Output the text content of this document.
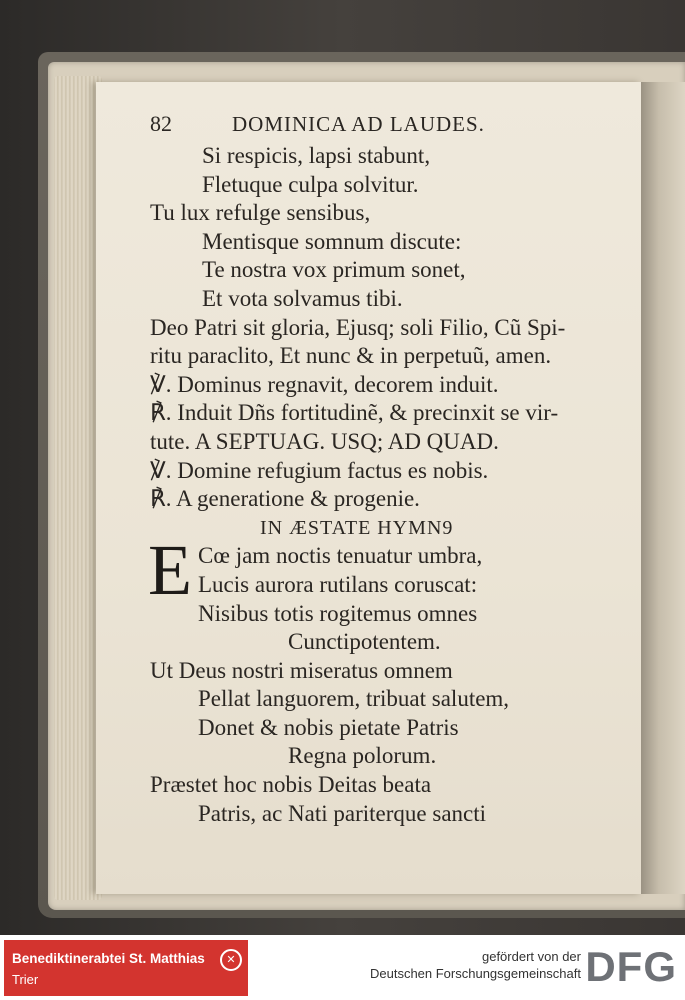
82	DOMINICA AD LAUDES.
Si respicis, lapsi stabunt,
Fletuque culpa solvitur.
Tu lux refulge sensibus,
Mentisque somnum discute:
Te nostra vox primum sonet,
Et vota solvamus tibi.
Deo Patri sit gloria, Ejusq; soli Filio, Cũ Spi-
ritu paraclito, Et nunc & in perpetuũ, amen.
℣. Dominus regnavit, decorem induit.
℟. Induit Dñs fortitudinẽ, & precinxit se vir-
tute. A SEPTUAG. USQ; AD QUAD.
℣. Domine refugium factus es nobis.
℟. A generatione & progenie.
IN ÆSTATE HYMN9
E Cœ jam noctis tenuatur umbra,
Lucis aurora rutilans coruscat:
Nisibus totis rogitemus omnes
Cunctipotentem.
Ut Deus nostri miseratus omnem
Pellat languorem, tribuat salutem,
Donet & nobis pietate Patris
Regna polorum.
Præstet hoc nobis Deitas beata
Patris, ac Nati pariterque sancti
Benediktinerabtei St. Matthias
Trier
✕	gefördert von der
Deutschen Forschungsgemeinschaft DFG
